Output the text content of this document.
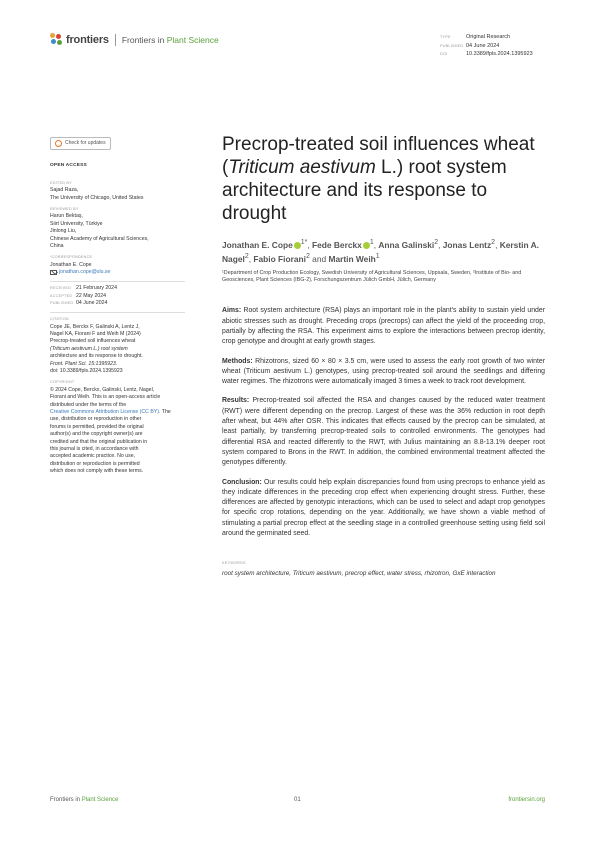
frontiers Frontiers in Plant Science	TYPE	Original Research
PUBLISHED 04 June 2024
DOI	10.3389/fpls.2024.1395923
Check for updates
OPEN ACCESS
EDITED BY
Sajad Raza,
The University of Chicago, United States
REVIEWED BY
Harun Bektaş,
Siirt University, Türkiye
Jinlong Liu,
Chinese Academy of Agricultural Sciences,
China
*CORRESPONDENCE
Jonathan E. Cope
jonathan.cope@slu.se
RECEIVED 21 February 2024
ACCEPTED 22 May 2024
PUBLISHED 04 June 2024
CITATION
Cope JE, Berckx F, Galinski A, Lentz J,
Nagel KA, Fiorani F and Weih M (2024)
Precrop-treated soil influences wheat
(Triticum aestivum L.) root system
architecture and its response to drought.
Front. Plant Sci. 15:1395923.
doi: 10.3389/fpls.2024.1395923
COPYRIGHT
© 2024 Cope, Berckx, Galinski, Lentz, Nagel,
Fiorani and Weih. This is an open-access article
distributed under the terms of the
Creative Commons Attribution License (CC BY). The
use, distribution or reproduction in other
forums is permitted, provided the original
author(s) and the copyright owner(s) are
credited and that the original publication in
this journal is cited, in accordance with
accepted academic practice. No use,
distribution or reproduction is permitted
which does not comply with these terms.
Precrop-treated soil influences wheat (Triticum aestivum L.) root system architecture and its response to drought
Jonathan E. Cope $^{1*}$, Fede Berckx $^1$, Anna Galinski$^2$, Jonas Lentz$^2$, Kerstin A. Nagel$^2$, Fabio Fiorani$^2$ and Martin Weih$^1$
¹Department of Crop Production Ecology, Swedish University of Agricultural Sciences, Uppsala, Sweden, ²Institute of Bio- and Geosciences, Plant Sciences (IBG-2), Forschungszentrum Jülich GmbH, Jülich, Germany

Aims: Root system architecture (RSA) plays an important role in the plant's ability to sustain yield under abiotic stresses such as drought. Preceding crops (precrops) can affect the yield of the proceeding crop, partially by affecting the RSA. This experiment aims to explore the interactions between precrop identity, crop genotype and drought at early growth stages.

Methods: Rhizotrons, sized 60 × 80 × 3.5 cm, were used to assess the early root growth of two winter wheat (Triticum aestivum L.) genotypes, using precrop-treated soil around the seedlings and differing water regimes. The rhizotrons were automatically imaged 3 times a week to track root development.

Results: Precrop-treated soil affected the RSA and changes caused by the reduced water treatment (RWT) were different depending on the precrop. Largest of these was the 36% reduction in root depth after wheat, but 44% after OSR. This indicates that effects caused by the precrop can be simulated, at least partially, by transferring precrop-treated soils to controlled environments. The genotypes had differential RSA and reacted differently to the RWT, with Julius maintaining an 8.8-13.1% deeper root system compared to Brons in the RWT. In addition, the combined environmental treatment affected the genotypes differently.

Conclusion: Our results could help explain discrepancies found from using precrops to enhance yield as they indicate differences in the preceding crop effect when experiencing drought stress. Further, these differences are affected by genotypic interactions, which can be used to select and adapt crop genotypes for specific crop rotations, depending on the year. Additionally, we have shown a viable method of stimulating a partial precrop effect at the seedling stage in a controlled greenhouse setting using field soil around the germinated seed.

KEYWORDS
root system architecture, Triticum aestivum, precrop effect, water stress, rhizotron, GxE interaction
Frontiers in Plant Science	01	frontiersin.org
